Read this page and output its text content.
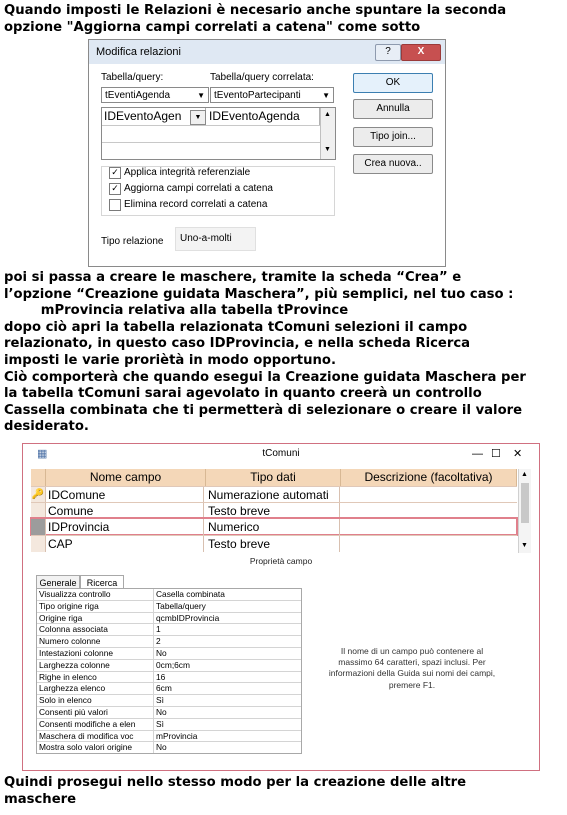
Quando imposti le Relazioni è necesario anche spuntare la seconda
opzione "Aggiorna campi correlati a catena" come sotto
Modifica relazioni	?	X
Tabella/query:	Tabella/query correlata:
tEventiAgenda	▼ tEventoPartecipanti	▼
IDEventoAgen	▼ IDEventoAgenda	▲
▼
✓ Applica integrità referenziale
✓ Aggiorna campi correlati a catena
Elimina record correlati a catena
OK
Annulla
Tipo join...
Crea nuova..
Tipo relazione	Uno-a-molti
poi si passa a creare le maschere, tramite la scheda “Crea” e
l’opzione “Creazione guidata Maschera”, più semplici, nel tuo caso :
mProvincia relativa alla tabella tProvince
dopo ciò apri la tabella relazionata tComuni selezioni il campo
relazionato, in questo caso IDProvincia, e nella scheda Ricerca
imposti le varie proriètà in modo opportuno.
Ciò comporterà che quando esegui la Creazione guidata Maschera per
la tabella tComuni sarai agevolato in quanto creerà un controllo
Cassella combinata che ti permetterà di selezionare o creare il valore
desiderato.
tComuni
▦	— ☐ ✕
Nome campo	Tipo dati	Descrizione (facoltativa)
🔑 IDComune	Numerazione automati
Comune	Testo breve
IDProvincia	Numerico
CAP	Testo breve
▲
▼
Proprietà campo
Generale	Ricerca
Visualizza controllo	Casella combinata
Tipo origine riga	Tabella/query
Origine riga	qcmbIDProvincia
Colonna associata	1
Numero colonne	2
Intestazioni colonne	No
Larghezza colonne	0cm;6cm
Righe in elenco	16
Larghezza elenco	6cm
Solo in elenco	Sì
Consenti più valori	No
Consenti modifiche a elen	Sì
Maschera di modifica voc	mProvincia
Mostra solo valori origine	No
Il nome di un campo può contenere al massimo 64 caratteri, spazi inclusi. Per informazioni della Guida sui nomi dei campi, premere F1.
Quindi prosegui nello stesso modo per la creazione delle altre
maschere
